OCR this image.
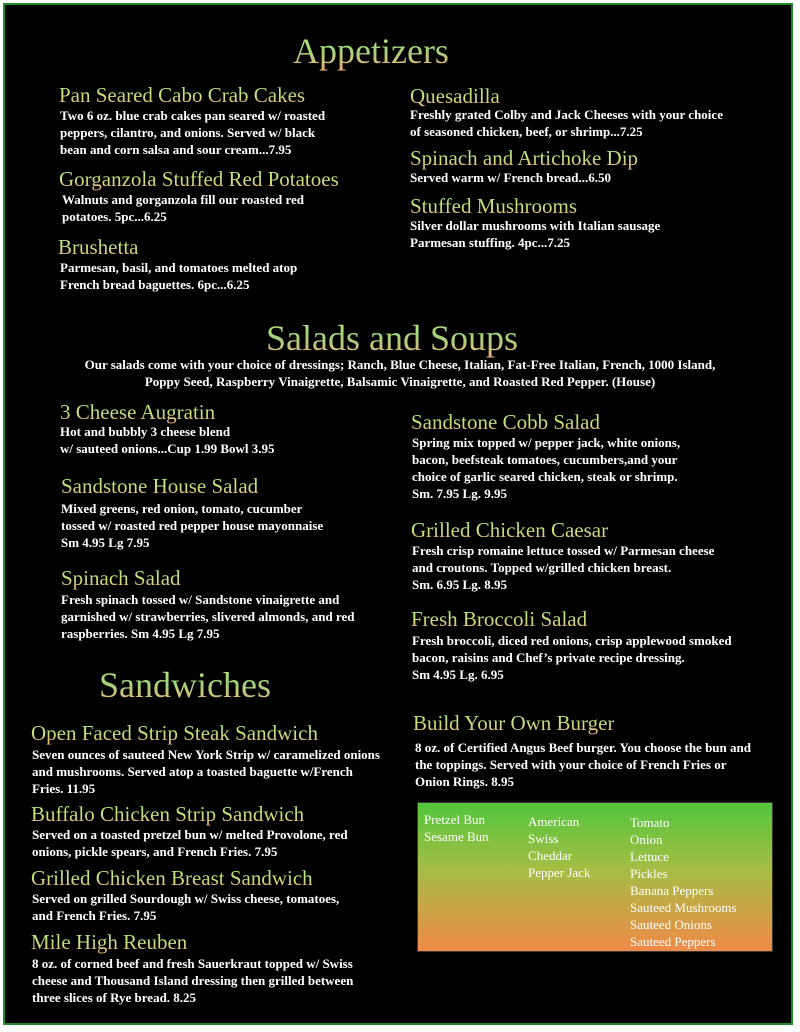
Appetizers
Pan Seared Cabo Crab Cakes
Two 6 oz. blue crab cakes pan seared w/ roasted
peppers, cilantro, and onions. Served w/ black
bean and corn salsa and sour cream...7.95
Gorganzola Stuffed Red Potatoes
Walnuts and gorganzola fill our roasted red
potatoes. 5pc...6.25
Brushetta
Parmesan, basil, and tomatoes melted atop
French bread baguettes. 6pc...6.25
Quesadilla
Freshly grated Colby and Jack Cheeses with your choice
of seasoned chicken, beef, or shrimp...7.25
Spinach and Artichoke Dip
Served warm w/ French bread...6.50
Stuffed Mushrooms
Silver dollar mushrooms with Italian sausage
Parmesan stuffing. 4pc...7.25
Salads and Soups
Our salads come with your choice of dressings; Ranch, Blue Cheese, Italian, Fat-Free Italian, French, 1000 Island,
Poppy Seed, Raspberry Vinaigrette, Balsamic Vinaigrette, and Roasted Red Pepper. (House)
3 Cheese Augratin
Hot and bubbly 3 cheese blend
w/ sauteed onions...Cup 1.99 Bowl 3.95
Sandstone House Salad
Mixed greens, red onion, tomato, cucumber
tossed w/ roasted red pepper house mayonnaise
Sm 4.95 Lg 7.95
Spinach Salad
Fresh spinach tossed w/ Sandstone vinaigrette and
garnished w/ strawberries, slivered almonds, and red
raspberries. Sm 4.95 Lg 7.95
Sandstone Cobb Salad
Spring mix topped w/ pepper jack, white onions,
bacon, beefsteak tomatoes, cucumbers,and your
choice of garlic seared chicken, steak or shrimp.
Sm. 7.95 Lg. 9.95
Grilled Chicken Caesar
Fresh crisp romaine lettuce tossed w/ Parmesan cheese
and croutons. Topped w/grilled chicken breast.
Sm. 6.95 Lg. 8.95
Fresh Broccoli Salad
Fresh broccoli, diced red onions, crisp applewood smoked
bacon, raisins and Chef’s private recipe dressing.
Sm 4.95 Lg. 6.95
Sandwiches
Open Faced Strip Steak Sandwich
Seven ounces of sauteed New York Strip w/ caramelized onions
and mushrooms. Served atop a toasted baguette w/French
Fries. 11.95
Buffalo Chicken Strip Sandwich
Served on a toasted pretzel bun w/ melted Provolone, red
onions, pickle spears, and French Fries. 7.95
Grilled Chicken Breast Sandwich
Served on grilled Sourdough w/ Swiss cheese, tomatoes,
and French Fries. 7.95
Mile High Reuben
8 oz. of corned beef and fresh Sauerkraut topped w/ Swiss
cheese and Thousand Island dressing then grilled between
three slices of Rye bread. 8.25
Build Your Own Burger
8 oz. of Certified Angus Beef burger. You choose the bun and
the toppings. Served with your choice of French Fries or
Onion Rings. 8.95
Pretzel Bun
Sesame Bun
American
Swiss
Cheddar
Pepper Jack
Tomato
Onion
Lettuce
Pickles
Banana Peppers
Sauteed Mushrooms
Sauteed Onions
Sauteed Peppers
